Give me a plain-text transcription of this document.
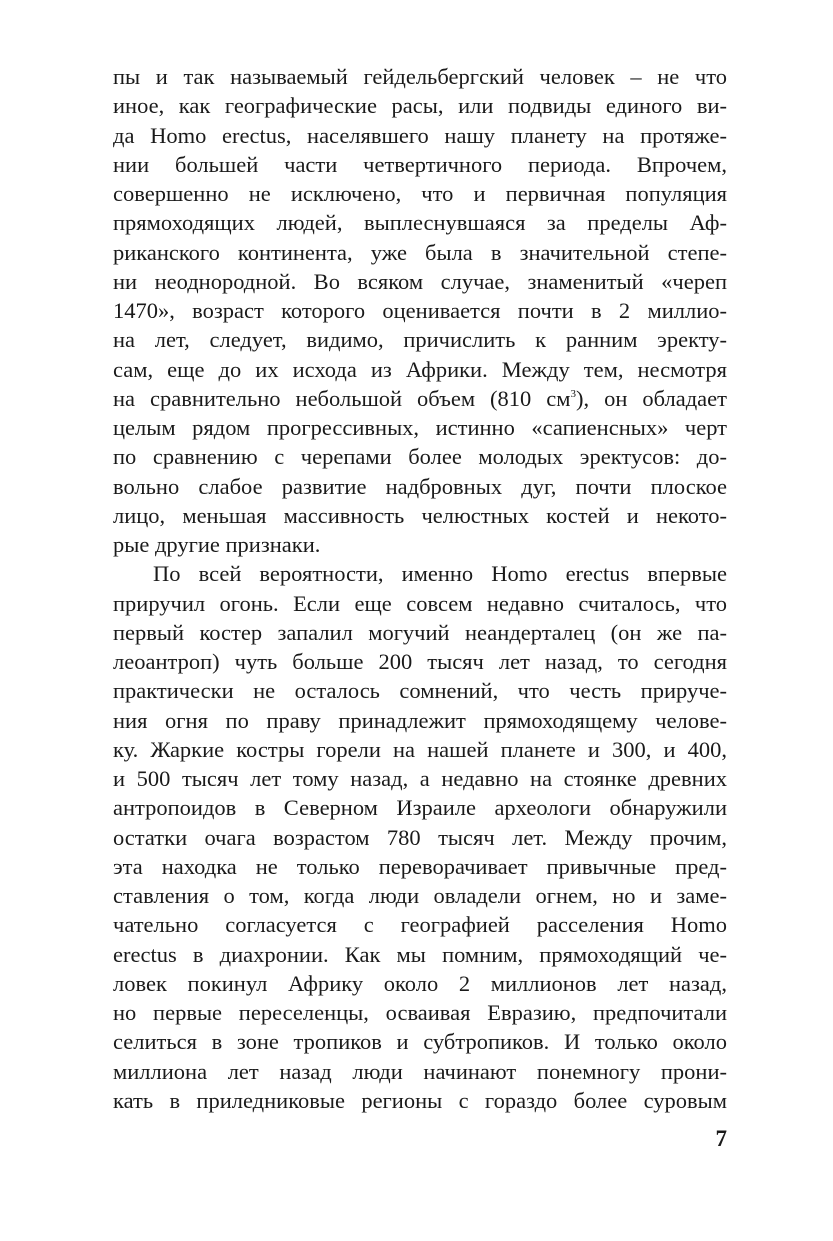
пы и так называемый гейдельбергский человек – не что
иное, как географические расы, или подвиды единого ви-
да Homo erectus, населявшего нашу планету на протяже-
нии большей части четвертичного периода. Впрочем,
совершенно не исключено, что и первичная популяция
прямоходящих людей, выплеснувшаяся за пределы Аф-
риканского континента, уже была в значительной степе-
ни неоднородной. Во всяком случае, знаменитый «череп
1470», возраст которого оценивается почти в 2 миллио-
на лет, следует, видимо, причислить к ранним эректу-
сам, еще до их исхода из Африки. Между тем, несмотря
на сравнительно небольшой объем (810 $см^3$), он обладает
целым рядом прогрессивных, истинно «сапиенсных» черт
по сравнению с черепами более молодых эректусов: до-
вольно слабое развитие надбровных дуг, почти плоское
лицо, меньшая массивность челюстных костей и некото-
рые другие признаки.
По всей вероятности, именно Homo erectus впервые
приручил огонь. Если еще совсем недавно считалось, что
первый костер запалил могучий неандерталец (он же па-
леоантроп) чуть больше 200 тысяч лет назад, то сегодня
практически не осталось сомнений, что честь прируче-
ния огня по праву принадлежит прямоходящему челове-
ку. Жаркие костры горели на нашей планете и 300, и 400,
и 500 тысяч лет тому назад, а недавно на стоянке древних
антропоидов в Северном Израиле археологи обнаружили
остатки очага возрастом 780 тысяч лет. Между прочим,
эта находка не только переворачивает привычные пред-
ставления о том, когда люди овладели огнем, но и заме-
чательно согласуется с географией расселения Homo
erectus в диахронии. Как мы помним, прямоходящий че-
ловек покинул Африку около 2 миллионов лет назад,
но первые переселенцы, осваивая Евразию, предпочитали
селиться в зоне тропиков и субтропиков. И только около
миллиона лет назад люди начинают понемногу прони-
кать в приледниковые регионы с гораздо более суровым
7
